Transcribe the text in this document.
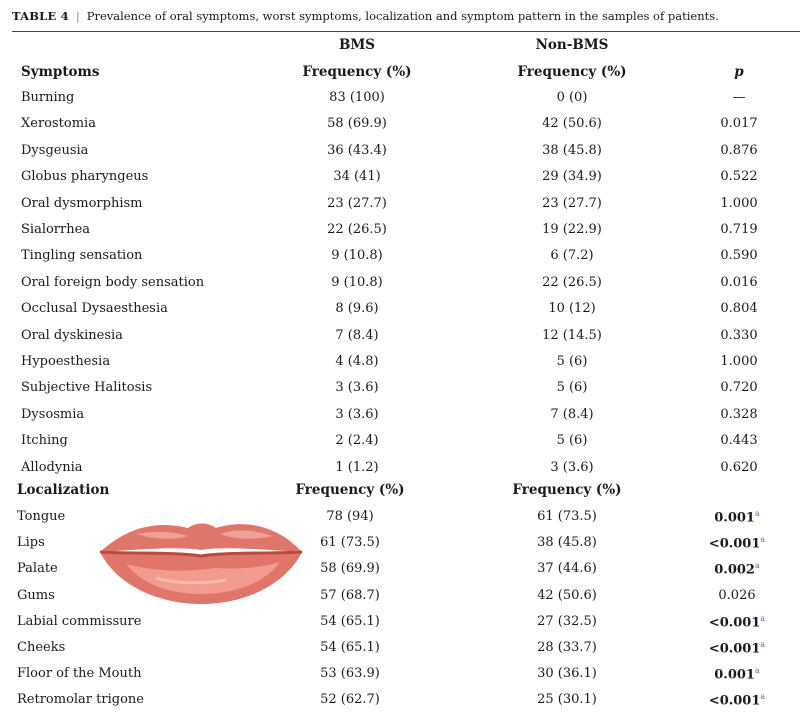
TABLE 4 | Prevalence of oral symptoms, worst symptoms, localization and symptom pattern in the samples of patients.
BMS	Non-BMS
Symptoms	Frequency (%)	Frequency (%)	p
Burning	83 (100)	0 (0)	—
Xerostomia	58 (69.9)	42 (50.6)	0.017
Dysgeusia	36 (43.4)	38 (45.8)	0.876
Globus pharyngeus	34 (41)	29 (34.9)	0.522
Oral dysmorphism	23 (27.7)	23 (27.7)	1.000
Sialorrhea	22 (26.5)	19 (22.9)	0.719
Tingling sensation	9 (10.8)	6 (7.2)	0.590
Oral foreign body sensation	9 (10.8)	22 (26.5)	0.016
Occlusal Dysaesthesia	8 (9.6)	10 (12)	0.804
Oral dyskinesia	7 (8.4)	12 (14.5)	0.330
Hypoesthesia	4 (4.8)	5 (6)	1.000
Subjective Halitosis	3 (3.6)	5 (6)	0.720
Dysosmia	3 (3.6)	7 (8.4)	0.328
Itching	2 (2.4)	5 (6)	0.443
Allodynia	1 (1.2)	3 (3.6)	0.620
Localization	Frequency (%)	Frequency (%)
Tongue	78 (94)	61 (73.5)	0.001$^a$
Lips	61 (73.5)	38 (45.8)	<0.001$^a$
Palate	58 (69.9)	37 (44.6)	0.002$^a$
Gums	57 (68.7)	42 (50.6)	0.026
Labial commissure	54 (65.1)	27 (32.5)	<0.001$^a$
Cheeks	54 (65.1)	28 (33.7)	<0.001$^a$
Floor of the Mouth	53 (63.9)	30 (36.1)	0.001$^a$
Retromolar trigone	52 (62.7)	25 (30.1)	<0.001$^a$
